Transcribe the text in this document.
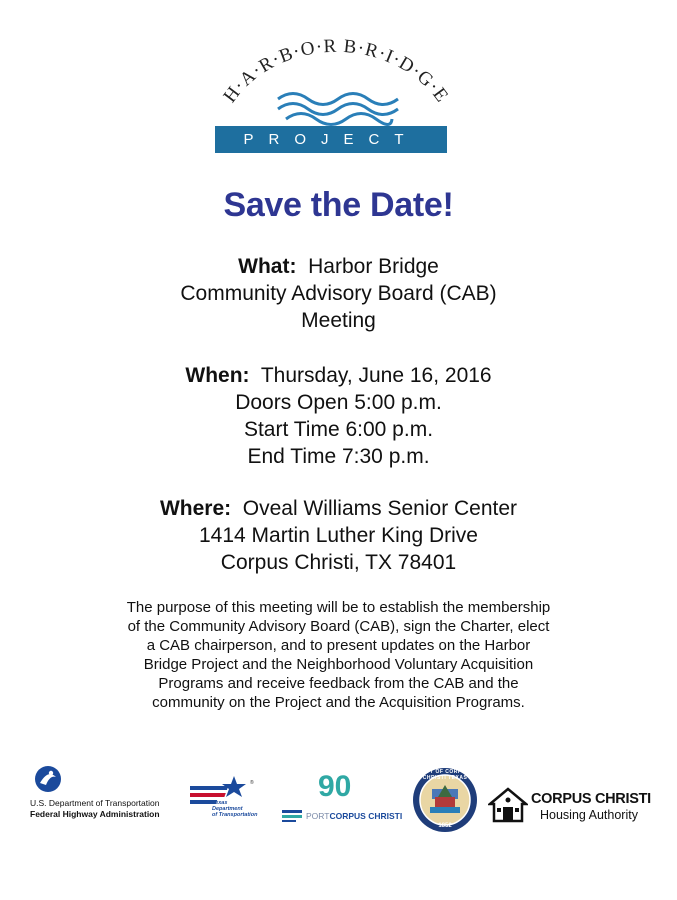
H·A·R·B·O·R B·R·I·D·G·E
PROJECT
Save the Date!
What: Harbor Bridge
Community Advisory Board (CAB)
Meeting
When: Thursday, June 16, 2016
Doors Open 5:00 p.m.
Start Time 6:00 p.m.
End Time 7:30 p.m.
Where: Oveal Williams Senior Center
1414 Martin Luther King Drive
Corpus Christi, TX 78401
The purpose of this meeting will be to establish the membership
of the Community Advisory Board (CAB), sign the Charter, elect
a CAB chairperson, and to present updates on the Harbor
Bridge Project and the Neighborhood Voluntary Acquisition
Programs and receive feedback from the CAB and the
community on the Project and the Acquisition Programs.
U.S. Department of Transportation
Federal Highway Administration
®
Texas
Department
of Transportation
90
PORTCORPUS CHRISTI
CITY OF CORPUS CHRISTI TEXAS
1852
CORPUS CHRISTI
Housing Authority
